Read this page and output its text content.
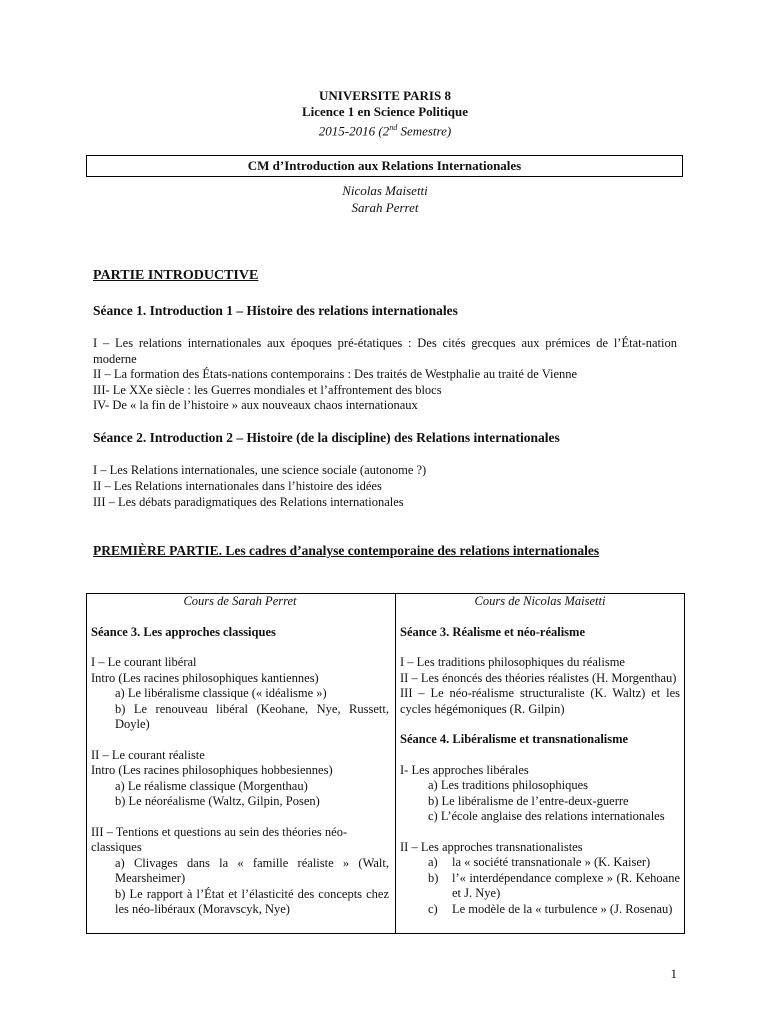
UNIVERSITE PARIS 8
Licence 1 en Science Politique
2015-2016 (2nd Semestre)
CM d’Introduction aux Relations Internationales
Nicolas Maisetti
Sarah Perret
PARTIE INTRODUCTIVE
Séance 1. Introduction 1 – Histoire des relations internationales
I – Les relations internationales aux époques pré-étatiques : Des cités grecques aux prémices de l’État-nation moderne
II – La formation des États-nations contemporains : Des traités de Westphalie au traité de Vienne
III- Le XXe siècle : les Guerres mondiales et l’affrontement des blocs
IV- De « la fin de l’histoire » aux nouveaux chaos internationaux
Séance 2. Introduction 2 – Histoire (de la discipline) des Relations internationales
I – Les Relations internationales, une science sociale (autonome ?)
II – Les Relations internationales dans l’histoire des idées
III – Les débats paradigmatiques des Relations internationales
PREMIÈRE PARTIE. Les cadres d’analyse contemporaine des relations internationales
Cours de Sarah Perret
Séance 3. Les approches classiques
I – Le courant libéral
Intro (Les racines philosophiques kantiennes)
a) Le libéralisme classique (« idéalisme »)
b) Le renouveau libéral (Keohane, Nye, Russett, Doyle)
II – Le courant réaliste
Intro (Les racines philosophiques hobbesiennes)
a) Le réalisme classique (Morgenthau)
b) Le néoréalisme (Waltz, Gilpin, Posen)
III – Tentions et questions au sein des théories néo-classiques
a) Clivages dans la « famille réaliste » (Walt, Mearsheimer)
b) Le rapport à l’État et l’élasticité des concepts chez les néo-libéraux (Moravscyk, Nye)
Cours de Nicolas Maisetti
Séance 3. Réalisme et néo-réalisme
I – Les traditions philosophiques du réalisme
II – Les énoncés des théories réalistes (H. Morgenthau)
III – Le néo-réalisme structuraliste (K. Waltz) et les cycles hégémoniques (R. Gilpin)
Séance 4. Libéralisme et transnationalisme
I- Les approches libérales
a) Les traditions philosophiques
b) Le libéralisme de l’entre-deux-guerre
c) L’école anglaise des relations internationales
II – Les approches transnationalistes
a)	la « société transnationale » (K. Kaiser)
b)	l’« interdépendance complexe » (R. Kehoane et J. Nye)
c)	Le modèle de la « turbulence » (J. Rosenau)
1
